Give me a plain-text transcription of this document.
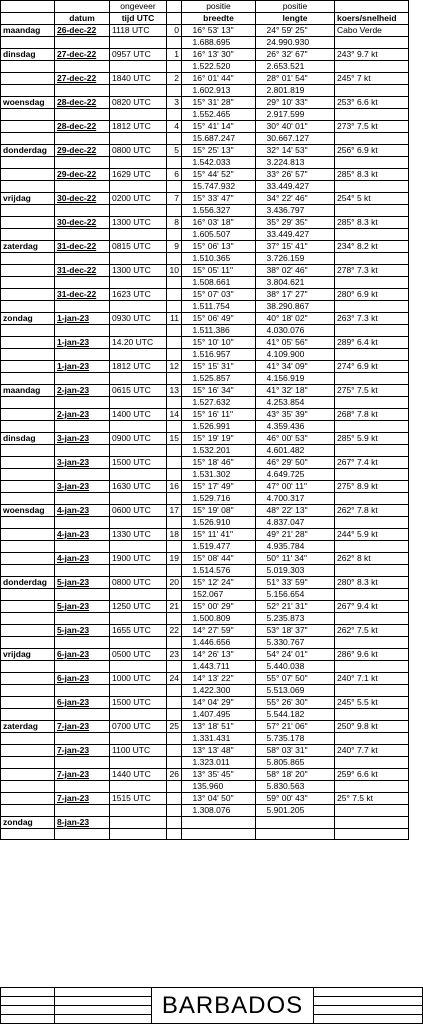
		ongeveer		positie		positie		
	datum	tijd UTC		breedte		lengte		koers/snelheid
maandag	26-dec-22	1118 UTC	0		16° 53' 13"		24° 59' 25"	Cabo Verde
					1.688.695		24.990.930	
dinsdag	27-dec-22	0957 UTC	1		16° 13' 30"		26° 32' 67"	243° 9.7 kt
					1.522.520		2.653.521	
	27-dec-22	1840 UTC	2		16° 01' 44"		28° 01' 54"	245° 7 kt
					1.602.913		2.801.819	
woensdag	28-dec-22	0820 UTC	3		15° 31' 28"		29° 10' 33"	253° 6.6 kt
					1.552.465		2.917.599	
	28-dec-22	1812 UTC	4		15° 41' 14"		30° 40' 01"	273° 7.5 kt
					15.687.247		30.667.127	
donderdag	29-dec-22	0800 UTC	5		15° 25' 13"		32° 14' 53"	256° 6.9 kt
					1.542.033		3.224.813	
	29-dec-22	1629 UTC	6		15° 44' 52"		33° 26' 57"	285° 8.3 kt
					15.747.932		33.449.427	
vrijdag	30-dec-22	0200 UTC	7		15° 33' 47"		34° 22' 46"	254° 5 kt
					1.556.327		3.436.797	
	30-dec-22	1300 UTC	8		16° 03' 18"		35° 29' 35"	285° 8.3 kt
					1.605.507		33.449.427	
zaterdag	31-dec-22	0815 UTC	9		15° 06' 13"		37° 15' 41"	234° 8.2 kt
					1.510.365		3.726.159	
	31-dec-22	1300 UTC	10		15° 05' 11"		38° 02' 46"	278° 7.3 kt
					1.508.661		3.804.621	
	31-dec-22	1623 UTC			15° 07' 03"		38° 17' 27"	280° 6.9 kt
					1.511.754		38.290.867	
zondag	1-jan-23	0930 UTC	11		15° 06' 49"		40° 18' 02"	263° 7.3 kt
					1.511.386		4.030.076	
	1-jan-23	14.20 UTC			15° 10' 10"		41° 05' 56"	289° 6.4 kt
					1.516.957		4.109.900	
	1-jan-23	1812 UTC	12		15° 15' 31"		41° 34' 09"	274° 6.9 kt
					1.525.857		4.156.919	
maandag	2-jan-23	0615 UTC	13		15° 16' 34"		41° 32' 18"	275° 7.5 kt
					1.527.632		4.253.854	
	2-jan-23	1400 UTC	14		15° 16' 11"		43° 35' 39"	268° 7.8 kt
					1.526.991		4.359.436	
dinsdag	3-jan-23	0900 UTC	15		15° 19' 19"		46° 00' 53"	285° 5.9 kt
					1.532.201		4.601.482	
	3-jan-23	1500 UTC			15° 18' 46"		46° 29' 50"	267° 7.4 kt
					1.531.302		4.649.725	
	3-jan-23	1630 UTC	16		15° 17' 49"		47° 00' 11"	275° 8.9 kt
					1.529.716		4.700.317	
woensdag	4-jan-23	0600 UTC	17		15° 19' 08"		48° 22' 13"	262° 7.8 kt
					1.526.910		4.837.047	
	4-jan-23	1330 UTC	18		15° 11' 41"		49° 21' 28"	244° 5.9 kt
					1.519.477		4.935.784	
	4-jan-23	1900 UTC	19		15° 08' 44"		50° 11' 34"	262° 8 kt
					1.514.576		5.019.303	
donderdag	5-jan-23	0800 UTC	20		15° 12' 24"		51° 33' 59"	280° 8.3 kt
					152.067		5.156.654	
	5-jan-23	1250 UTC	21		15° 00' 29"		52° 21' 31"	267° 9.4 kt
					1.500.809		5.235.873	
	5-jan-23	1655 UTC	22		14° 27' 59"		53° 18' 37"	262° 7.5 kt
					1.446.656		5.330.767	
vrijdag	6-jan-23	0500 UTC	23		14° 26' 13"		54° 24' 01"	286° 9.6 kt
					1.443.711		5.440.038	
	6-jan-23	1000 UTC	24		14° 13' 22"		55° 07' 50"	240° 7.1 kt
					1.422.300		5.513.069	
	6-jan-23	1500 UTC			14° 04' 29"		55° 26' 30"	245° 5.5 kt
					1.407.495		5.544.182	
zaterdag	7-jan-23	0700 UTC	25		13° 18' 51"		57° 21' 06"	250° 9.8 kt
					1.331.431		5.735.178	
	7-jan-23	1100 UTC			13° 13' 48"		58° 03' 31"	240° 7.7 kt
					1.323.011		5.805.865	
	7-jan-23	1440 UTC	26		13° 35' 45"		58° 18' 20"	259° 6.6 kt
					135.960		5.830.563	
	7-jan-23	1515 UTC			13° 04' 50"		59° 00' 43"	25° 7.5 kt
					1.308.076		5.901.205	
zondag	8-jan-23							

BARBADOS
